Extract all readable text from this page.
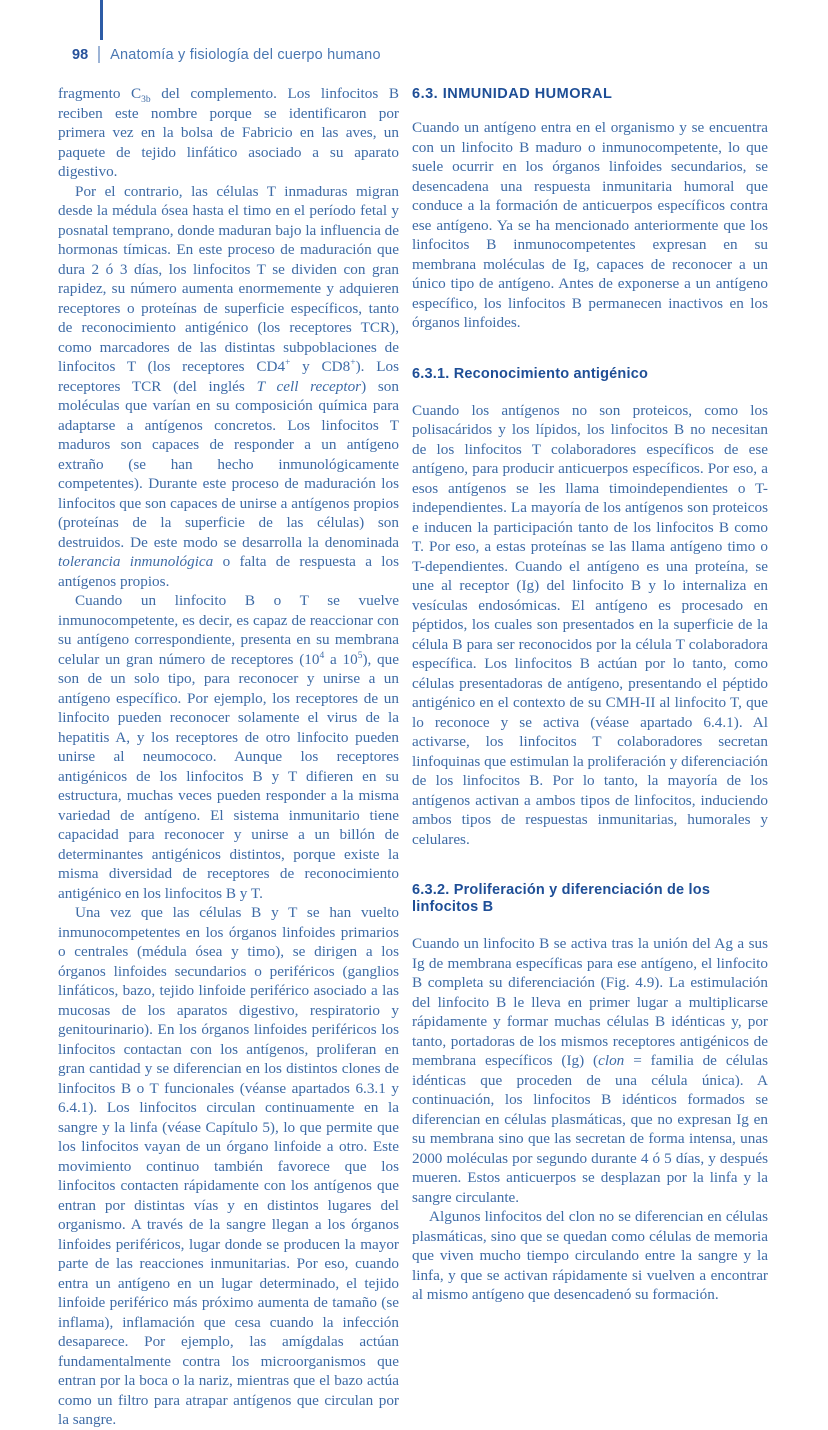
98 Anatomía y fisiología del cuerpo humano

fragmento $C_{3b}$ del complemento. Los linfocitos B reciben este nombre porque se identificaron por primera vez en la bolsa de Fabricio en las aves, un paquete de tejido linfático asociado a su aparato digestivo.

Por el contrario, las células T inmaduras migran desde la médula ósea hasta el timo en el período fetal y posnatal temprano, donde maduran bajo la influencia de hormonas tímicas. En este proceso de maduración que dura 2 ó 3 días, los linfocitos T se dividen con gran rapidez, su número aumenta enormemente y adquieren receptores o proteínas de superficie específicos, tanto de reconocimiento antigénico (los receptores TCR), como marcadores de las distintas subpoblaciones de linfocitos T (los receptores CD4+ y CD8+). Los receptores TCR (del inglés T cell receptor) son moléculas que varían en su composición química para adaptarse a antígenos concretos. Los linfocitos T maduros son capaces de responder a un antígeno extraño (se han hecho inmunológicamente competentes). Durante este proceso de maduración los linfocitos que son capaces de unirse a antígenos propios (proteínas de la superficie de las células) son destruidos. De este modo se desarrolla la denominada tolerancia inmunológica o falta de respuesta a los antígenos propios.

Cuando un linfocito B o T se vuelve inmunocompetente, es decir, es capaz de reaccionar con su antígeno correspondiente, presenta en su membrana celular un gran número de receptores ($10^4$ a $10^5$), que son de un solo tipo, para reconocer y unirse a un antígeno específico. Por ejemplo, los receptores de un linfocito pueden reconocer solamente el virus de la hepatitis A, y los receptores de otro linfocito pueden unirse al neumococo. Aunque los receptores antigénicos de los linfocitos B y T difieren en su estructura, muchas veces pueden responder a la misma variedad de antígeno. El sistema inmunitario tiene capacidad para reconocer y unirse a un billón de determinantes antigénicos distintos, porque existe la misma diversidad de receptores de reconocimiento antigénico en los linfocitos B y T.

Una vez que las células B y T se han vuelto inmunocompetentes en los órganos linfoides primarios o centrales (médula ósea y timo), se dirigen a los órganos linfoides secundarios o periféricos (ganglios linfáticos, bazo, tejido linfoide periférico asociado a las mucosas de los aparatos digestivo, respiratorio y genitourinario). En los órganos linfoides periféricos los linfocitos contactan con los antígenos, proliferan en gran cantidad y se diferencian en los distintos clones de linfocitos B o T funcionales (véanse apartados 6.3.1 y 6.4.1). Los linfocitos circulan continuamente en la sangre y la linfa (véase Capítulo 5), lo que permite que los linfocitos vayan de un órgano linfoide a otro. Este movimiento continuo también favorece que los linfocitos contacten rápidamente con los antígenos que entran por distintas vías y en distintos lugares del organismo. A través de la sangre llegan a los órganos linfoides periféricos, lugar donde se producen la mayor parte de las reacciones inmunitarias. Por eso, cuando entra un antígeno en un lugar determinado, el tejido linfoide periférico más próximo aumenta de tamaño (se inflama), inflamación que cesa cuando la infección desaparece. Por ejemplo, las amígdalas actúan fundamentalmente contra los microorganismos que entran por la boca o la nariz, mientras que el bazo actúa como un filtro para atrapar antígenos que circulan por la sangre.

6.3. INMUNIDAD HUMORAL

Cuando un antígeno entra en el organismo y se encuentra con un linfocito B maduro o inmunocompetente, lo que suele ocurrir en los órganos linfoides secundarios, se desencadena una respuesta inmunitaria humoral que conduce a la formación de anticuerpos específicos contra ese antígeno. Ya se ha mencionado anteriormente que los linfocitos B inmunocompetentes expresan en su membrana moléculas de Ig, capaces de reconocer a un único tipo de antígeno. Antes de exponerse a un antígeno específico, los linfocitos B permanecen inactivos en los órganos linfoides.

6.3.1. Reconocimiento antigénico

Cuando los antígenos no son proteicos, como los polisacáridos y los lípidos, los linfocitos B no necesitan de los linfocitos T colaboradores específicos de ese antígeno, para producir anticuerpos específicos. Por eso, a esos antígenos se les llama timoindependientes o T-independientes. La mayoría de los antígenos son proteicos e inducen la participación tanto de los linfocitos B como T. Por eso, a estas proteínas se las llama antígeno timo o T-dependientes. Cuando el antígeno es una proteína, se une al receptor (Ig) del linfocito B y lo internaliza en vesículas endosómicas. El antígeno es procesado en péptidos, los cuales son presentados en la superficie de la célula B para ser reconocidos por la célula T colaboradora específica. Los linfocitos B actúan por lo tanto, como células presentadoras de antígeno, presentando el péptido antigénico en el contexto de su CMH-II al linfocito T, que lo reconoce y se activa (véase apartado 6.4.1). Al activarse, los linfocitos T colaboradores secretan linfoquinas que estimulan la proliferación y diferenciación de los linfocitos B. Por lo tanto, la mayoría de los antígenos activan a ambos tipos de linfocitos, induciendo ambos tipos de respuestas inmunitarias, humorales y celulares.

6.3.2. Proliferación y diferenciación de los linfocitos B

Cuando un linfocito B se activa tras la unión del Ag a sus Ig de membrana específicas para ese antígeno, el linfocito B completa su diferenciación (Fig. 4.9). La estimulación del linfocito B le lleva en primer lugar a multiplicarse rápidamente y formar muchas células B idénticas y, por tanto, portadoras de los mismos receptores antigénicos de membrana específicos (Ig) (clon = familia de células idénticas que proceden de una célula única). A continuación, los linfocitos B idénticos formados se diferencian en células plasmáticas, que no expresan Ig en su membrana sino que las secretan de forma intensa, unas 2000 moléculas por segundo durante 4 ó 5 días, y después mueren. Estos anticuerpos se desplazan por la linfa y la sangre circulante.

Algunos linfocitos del clon no se diferencian en células plasmáticas, sino que se quedan como células de memoria que viven mucho tiempo circulando entre la sangre y la linfa, y que se activan rápidamente si vuelven a encontrar al mismo antígeno que desencadenó su formación.
